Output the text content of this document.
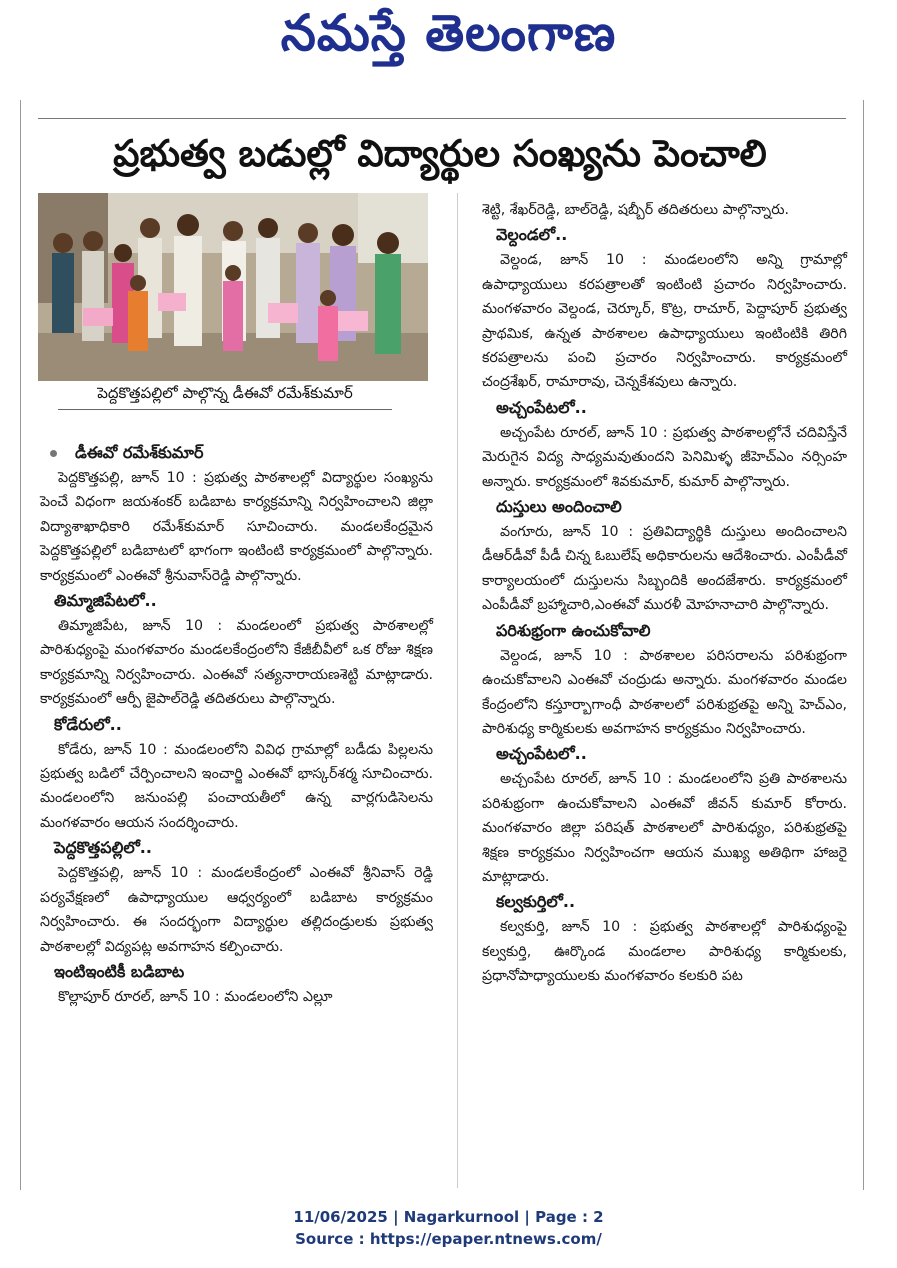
నమస్తే తెలంగాణ
ప్రభుత్వ బడుల్లో విద్యార్థుల సంఖ్యను పెంచాలి
పెద్దకొత్తపల్లిలో పాల్గొన్న డీఈవో రమేశ్‌కుమార్
డీఈవో రమేశ్‌కుమార్

పెద్దకొత్తపల్లి, జూన్ 10 : ప్రభుత్వ పాఠశాలల్లో విద్యార్థుల సంఖ్యను పెంచే విధంగా జయశంకర్ బడిబాట కార్యక్రమాన్ని నిర్వహించాలని జిల్లా విద్యాశాఖాధికారి రమేశ్‌కుమార్ సూచించారు. మండలకేంద్రమైన పెద్దకొత్తపల్లిలో బడిబాటలో భాగంగా ఇంటింటి కార్యక్రమంలో పాల్గొన్నారు. కార్యక్రమంలో ఎంఈవో శ్రీనువాస్‌రెడ్డి పాల్గొన్నారు.

తిమ్మాజిపేటలో..

తిమ్మాజిపేట, జూన్ 10 : మండలంలో ప్రభుత్వ పాఠశాలల్లో పారిశుధ్యంపై మంగళవారం మండలకేంద్రంలోని కేజీబీవీలో ఒక రోజు శిక్షణ కార్యక్రమాన్ని నిర్వహించారు. ఎంఈవో సత్యనారాయణశెట్టి మాట్లాడారు. కార్యక్రమంలో ఆర్పీ జైపాల్‌రెడ్డి తదితరులు పాల్గొన్నారు.

కోడేరులో..

కోడేరు, జూన్ 10 : మండలంలోని వివిధ గ్రామాల్లో బడీడు పిల్లలను ప్రభుత్వ బడిలో చేర్పించాలని ఇంచార్జి ఎంఈవో భాస్కర్‌శర్మ సూచించారు. మండలంలోని జనుంపల్లి పంచాయతీలో ఉన్న వార్లగుడిసెలను మంగళవారం ఆయన సందర్శించారు.

పెద్దకొత్తపల్లిలో..

పెద్దకొత్తపల్లి, జూన్ 10 : మండలకేంద్రంలో ఎంఈవో శ్రీనివాస్ రెడ్డి పర్యవేక్షణలో ఉపాధ్యాయుల ఆధ్వర్యంలో బడిబాట కార్యక్రమం నిర్వహించారు. ఈ సందర్భంగా విద్యార్థుల తల్లిదండ్రులకు ప్రభుత్వ పాఠశాలల్లో విద్యపట్ల అవగాహన కల్పించారు.

ఇంటిఇంటికీ బడిబాట

కొల్లాపూర్ రూరల్, జూన్ 10 : మండలంలోని ఎల్లూ

శెట్టి, శేఖర్‌రెడ్డి, బాల్‌రెడ్డి, షబ్బీర్ తదితరులు పాల్గొన్నారు.

వెల్దండలో..

వెల్దండ, జూన్ 10 : మండలంలోని అన్ని గ్రామాల్లో ఉపాధ్యాయులు కరపత్రాలతో ఇంటింటి ప్రచారం నిర్వహించారు. మంగళవారం వెల్దండ, చెర్కూర్, కొట్ర, రాచూర్, పెద్దాపూర్ ప్రభుత్వ ప్రాథమిక, ఉన్నత పాఠశాలల ఉపాధ్యాయులు ఇంటింటికి తిరిగి కరపత్రాలను పంచి ప్రచారం నిర్వహించారు. కార్యక్రమంలో చంద్రశేఖర్, రామారావు, చెన్నకేశవులు ఉన్నారు.

అచ్చంపేటలో..

అచ్చంపేట రూరల్, జూన్ 10 : ప్రభుత్వ పాఠశాలల్లోనే చదివిస్తేనే మెరుగైన విద్య సాధ్యమవుతుందని పెనిమిళ్ళ జీహెచ్‌ఎం నర్సింహ అన్నారు. కార్యక్రమంలో శివకుమార్, కుమార్ పాల్గొన్నారు.

దుస్తులు అందించాలి

వంగూరు, జూన్ 10 : ప్రతివిద్యార్థికి దుస్తులు అందించాలని డీఆర్‌డీవో పీడీ చిన్న ఓబులేష్ అధికారులను ఆదేశించారు. ఎంపీడీవో కార్యాలయంలో దుస్తులను సిబ్బందికి అందజేశారు. కార్యక్రమంలో ఎంపీడీవో బ్రహ్మాచారి,ఎంఈవో మురళీ మోహనాచారి పాల్గొన్నారు.

పరిశుభ్రంగా ఉంచుకోవాలి

వెల్దండ, జూన్ 10 : పాఠశాలల పరిసరాలను పరిశుభ్రంగా ఉంచుకోవాలని ఎంఈవో చంద్రుడు అన్నారు. మంగళవారం మండల కేంద్రంలోని కస్తూర్బాగాంధీ పాఠశాలలో పరిశుభ్రతపై అన్ని హెచ్‌ఎం, పారిశుధ్య కార్మికులకు అవగాహన కార్యక్రమం నిర్వహించారు.

అచ్చంపేటలో..

అచ్చంపేట రూరల్, జూన్ 10 : మండలంలోని ప్రతి పాఠశాలను పరిశుభ్రంగా ఉంచుకోవాలని ఎంఈవో జీవన్ కుమార్ కోరారు. మంగళవారం జిల్లా పరిషత్ పాఠశాలలో పారిశుధ్యం, పరిశుభ్రతపై శిక్షణ కార్యక్రమం నిర్వహించగా ఆయన ముఖ్య అతిథిగా హాజరై మాట్లాడారు.

కల్వకుర్తిలో..

కల్వకుర్తి, జూన్ 10 : ప్రభుత్వ పాఠశాలల్లో పారిశుధ్యంపై కల్వకుర్తి, ఊర్కొండ మండలాల పారిశుధ్య కార్మికులకు, ప్రధానోపాధ్యాయులకు మంగళవారం కలకురి పట

11/06/2025 | Nagarkurnool | Page : 2
Source : https://epaper.ntnews.com/
